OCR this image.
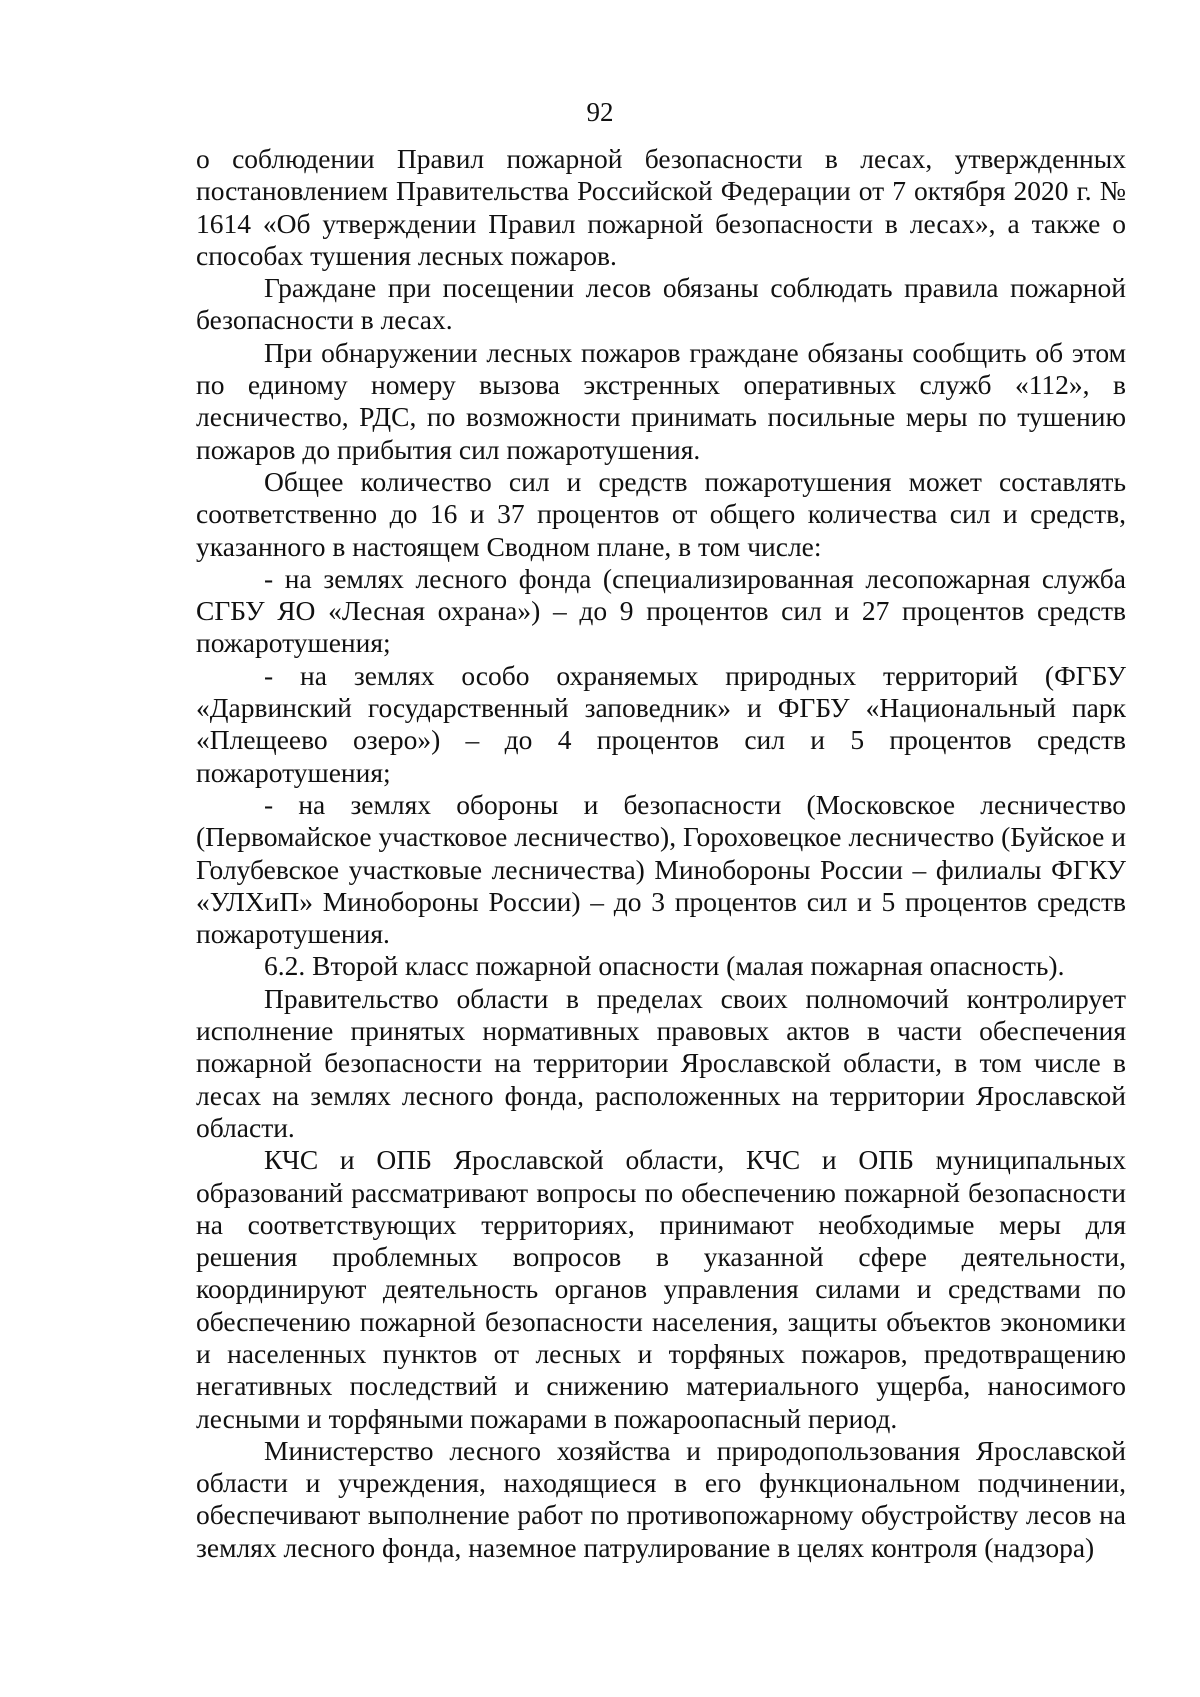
92

о соблюдении Правил пожарной безопасности в лесах, утвержденных постановлением Правительства Российской Федерации от 7 октября 2020 г. № 1614 «Об утверждении Правил пожарной безопасности в лесах», а также о способах тушения лесных пожаров.

Граждане при посещении лесов обязаны соблюдать правила пожарной безопасности в лесах.

При обнаружении лесных пожаров граждане обязаны сообщить об этом по единому номеру вызова экстренных оперативных служб «112», в лесничество, РДС, по возможности принимать посильные меры по тушению пожаров до прибытия сил пожаротушения.

Общее количество сил и средств пожаротушения может составлять соответственно до 16 и 37 процентов от общего количества сил и средств, указанного в настоящем Сводном плане, в том числе:

- на землях лесного фонда (специализированная лесопожарная служба СГБУ ЯО «Лесная охрана») – до 9 процентов сил и 27 процентов средств пожаротушения;

- на землях особо охраняемых природных территорий (ФГБУ «Дарвинский государственный заповедник» и ФГБУ «Национальный парк «Плещеево озеро») – до 4 процентов сил и 5 процентов средств пожаротушения;

- на землях обороны и безопасности (Московское лесничество (Первомайское участковое лесничество), Гороховецкое лесничество (Буйское и Голубевское участковые лесничества) Минобороны России – филиалы ФГКУ «УЛХиП» Минобороны России) – до 3 процентов сил и 5 процентов средств пожаротушения.

6.2. Второй класс пожарной опасности (малая пожарная опасность).

Правительство области в пределах своих полномочий контролирует исполнение принятых нормативных правовых актов в части обеспечения пожарной безопасности на территории Ярославской области, в том числе в лесах на землях лесного фонда, расположенных на территории Ярославской области.

КЧС и ОПБ Ярославской области, КЧС и ОПБ муниципальных образований рассматривают вопросы по обеспечению пожарной безопасности на соответствующих территориях, принимают необходимые меры для решения проблемных вопросов в указанной сфере деятельности, координируют деятельность органов управления силами и средствами по обеспечению пожарной безопасности населения, защиты объектов экономики и населенных пунктов от лесных и торфяных пожаров, предотвращению негативных последствий и снижению материального ущерба, наносимого лесными и торфяными пожарами в пожароопасный период.

Министерство лесного хозяйства и природопользования Ярославской области и учреждения, находящиеся в его функциональном подчинении, обеспечивают выполнение работ по противопожарному обустройству лесов на землях лесного фонда, наземное патрулирование в целях контроля (надзора)
